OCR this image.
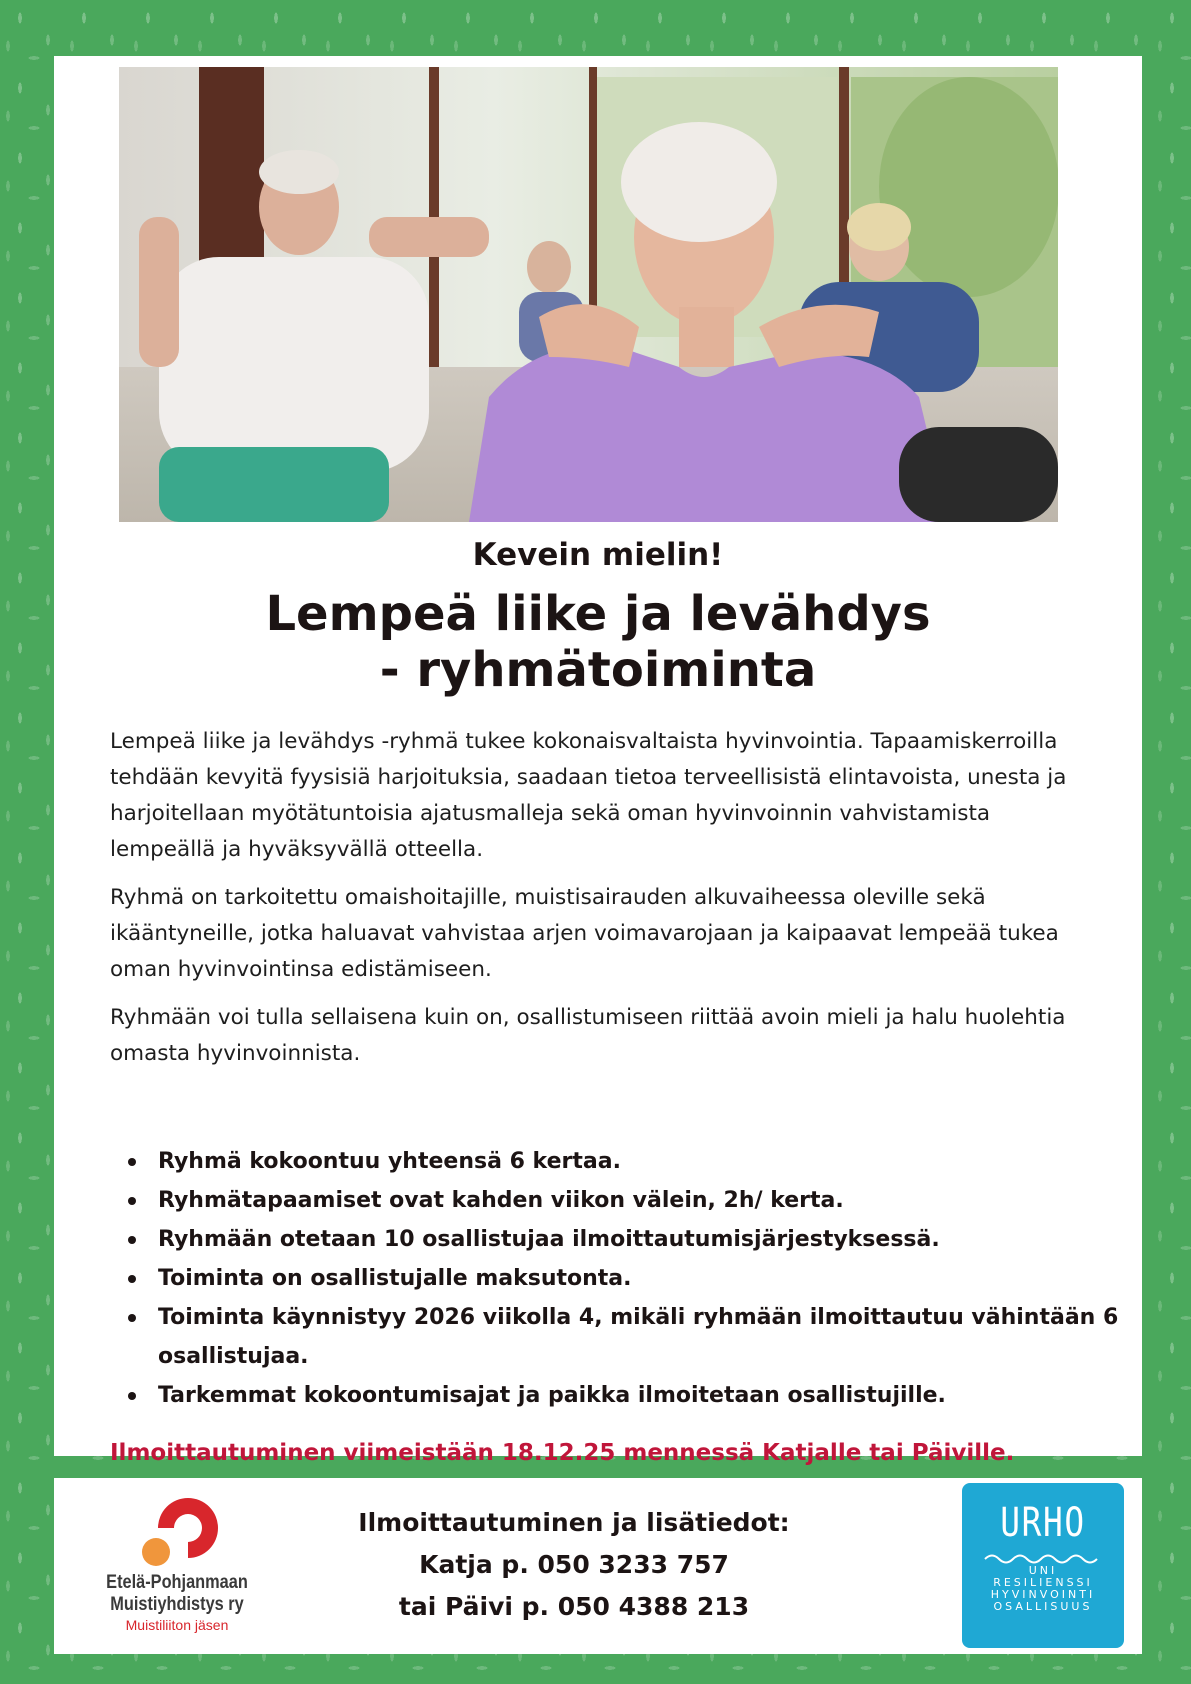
Kevein mielin!
Lempeä liike ja levähdys
- ryhmätoiminta

Lempeä liike ja levähdys -ryhmä tukee kokonaisvaltaista hyvinvointia. Tapaamiskerroilla tehdään kevyitä fyysisiä harjoituksia, saadaan tietoa terveellisistä elintavoista, unesta ja harjoitellaan myötätuntoisia ajatusmalleja sekä oman hyvinvoinnin vahvistamista lempeällä ja hyväksyvällä otteella.

Ryhmä on tarkoitettu omaishoitajille, muistisairauden alkuvaiheessa oleville sekä ikääntyneille, jotka haluavat vahvistaa arjen voimavarojaan ja kaipaavat lempeää tukea oman hyvinvointinsa edistämiseen.

Ryhmään voi tulla sellaisena kuin on, osallistumiseen riittää avoin mieli ja halu huolehtia omasta hyvinvoinnista.

Ryhmä kokoontuu yhteensä 6 kertaa.
Ryhmätapaamiset ovat kahden viikon välein, 2h/ kerta.
Ryhmään otetaan 10 osallistujaa ilmoittautumisjärjestyksessä.
Toiminta on osallistujalle maksutonta.
Toiminta käynnistyy 2026 viikolla 4, mikäli ryhmään ilmoittautuu vähintään 6 osallistujaa.
Tarkemmat kokoontumisajat ja paikka ilmoitetaan osallistujille.
Ilmoittautuminen viimeistään 18.12.25 mennessä Katjalle tai Päiville.
Etelä-Pohjanmaan
Muistiyhdistys ry
Muistiliiton jäsen
Ilmoittautuminen ja lisätiedot:
Katja p. 050 3233 757
tai Päivi p. 050 4388 213
URHO
UNI
RESILIENSSI
HYVINVOINTI
OSALLISUUS
